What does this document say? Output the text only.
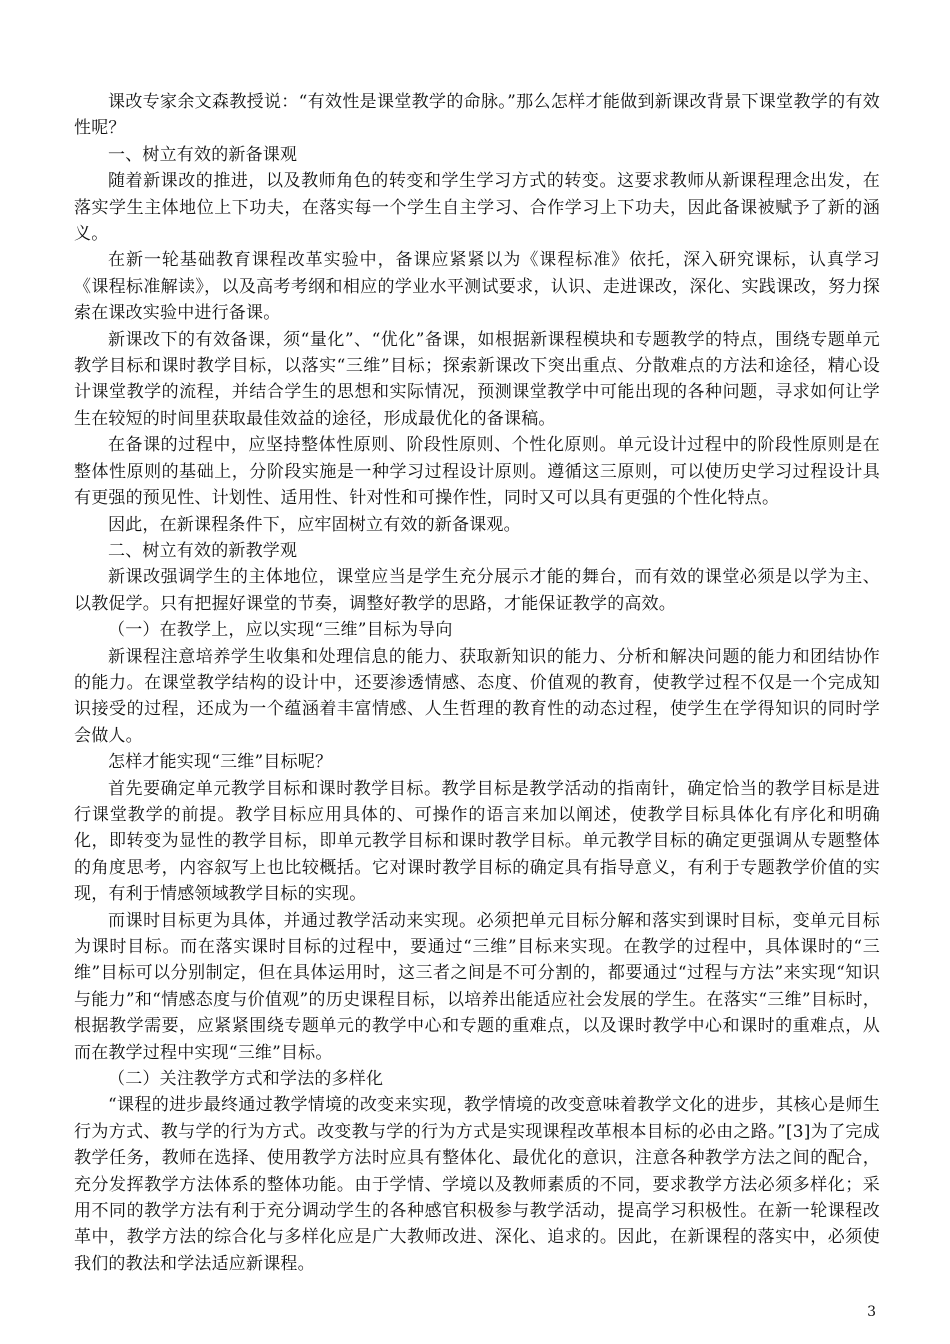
课改专家余文森教授说：“有效性是课堂教学的命脉。”那么怎样才能做到新课改背景下课堂教学的有效性呢？

一、树立有效的新备课观

随着新课改的推进，以及教师角色的转变和学生学习方式的转变。这要求教师从新课程理念出发，在落实学生主体地位上下功夫，在落实每一个学生自主学习、合作学习上下功夫，因此备课被赋予了新的涵义。

在新一轮基础教育课程改革实验中，备课应紧紧以为《课程标准》依托，深入研究课标，认真学习《课程标准解读》，以及高考考纲和相应的学业水平测试要求，认识、走进课改，深化、实践课改，努力探索在课改实验中进行备课。

新课改下的有效备课，须“量化”、“优化”备课，如根据新课程模块和专题教学的特点，围绕专题单元教学目标和课时教学目标，以落实“三维”目标；探索新课改下突出重点、分散难点的方法和途径，精心设计课堂教学的流程，并结合学生的思想和实际情况，预测课堂教学中可能出现的各种问题，寻求如何让学生在较短的时间里获取最佳效益的途径，形成最优化的备课稿。

在备课的过程中，应坚持整体性原则、阶段性原则、个性化原则。单元设计过程中的阶段性原则是在整体性原则的基础上，分阶段实施是一种学习过程设计原则。遵循这三原则，可以使历史学习过程设计具有更强的预见性、计划性、适用性、针对性和可操作性，同时又可以具有更强的个性化特点。

因此，在新课程条件下，应牢固树立有效的新备课观。

二、树立有效的新教学观

新课改强调学生的主体地位，课堂应当是学生充分展示才能的舞台，而有效的课堂必须是以学为主、以教促学。只有把握好课堂的节奏，调整好教学的思路，才能保证教学的高效。

（一）在教学上，应以实现“三维”目标为导向

新课程注意培养学生收集和处理信息的能力、获取新知识的能力、分析和解决问题的能力和团结协作的能力。在课堂教学结构的设计中，还要渗透情感、态度、价值观的教育，使教学过程不仅是一个完成知识接受的过程，还成为一个蕴涵着丰富情感、人生哲理的教育性的动态过程，使学生在学得知识的同时学会做人。

怎样才能实现“三维”目标呢？

首先要确定单元教学目标和课时教学目标。教学目标是教学活动的指南针，确定恰当的教学目标是进行课堂教学的前提。教学目标应用具体的、可操作的语言来加以阐述，使教学目标具体化有序化和明确化，即转变为显性的教学目标，即单元教学目标和课时教学目标。单元教学目标的确定更强调从专题整体的角度思考，内容叙写上也比较概括。它对课时教学目标的确定具有指导意义，有利于专题教学价值的实现，有利于情感领域教学目标的实现。

而课时目标更为具体，并通过教学活动来实现。必须把单元目标分解和落实到课时目标，变单元目标为课时目标。而在落实课时目标的过程中，要通过“三维”目标来实现。在教学的过程中，具体课时的“三维”目标可以分别制定，但在具体运用时，这三者之间是不可分割的，都要通过“过程与方法”来实现“知识与能力”和“情感态度与价值观”的历史课程目标，以培养出能适应社会发展的学生。在落实“三维”目标时，根据教学需要，应紧紧围绕专题单元的教学中心和专题的重难点，以及课时教学中心和课时的重难点，从而在教学过程中实现“三维”目标。

（二）关注教学方式和学法的多样化

“课程的进步最终通过教学情境的改变来实现，教学情境的改变意味着教学文化的进步，其核心是师生行为方式、教与学的行为方式。改变教与学的行为方式是实现课程改革根本目标的必由之路。”[3]为了完成教学任务，教师在选择、使用教学方法时应具有整体化、最优化的意识，注意各种教学方法之间的配合，充分发挥教学方法体系的整体功能。由于学情、学境以及教师素质的不同，要求教学方法必须多样化；采用不同的教学方法有利于充分调动学生的各种感官积极参与教学活动，提高学习积极性。在新一轮课程改革中，教学方法的综合化与多样化应是广大教师改进、深化、追求的。因此，在新课程的落实中，必须使我们的教法和学法适应新课程。

3
